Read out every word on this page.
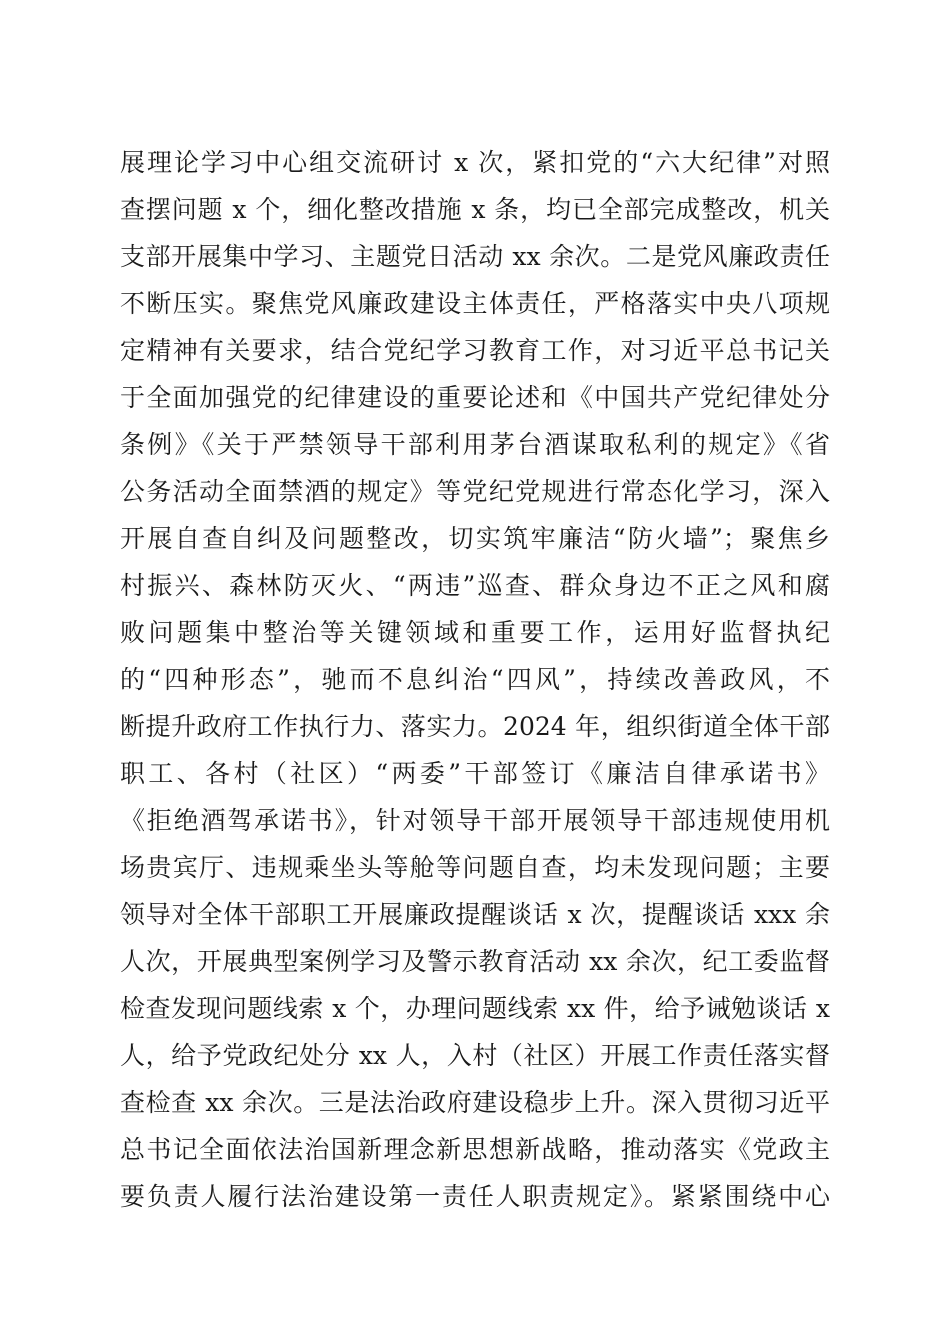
展理论学习中心组交流研讨 x 次，紧扣党的“六大纪律”对照
查摆问题 x 个，细化整改措施 x 条，均已全部完成整改，机关
支部开展集中学习、主题党日活动 xx 余次。二是党风廉政责任
不断压实。聚焦党风廉政建设主体责任，严格落实中央八项规
定精神有关要求，结合党纪学习教育工作，对习近平总书记关
于全面加强党的纪律建设的重要论述和《中国共产党纪律处分
条例》《关于严禁领导干部利用茅台酒谋取私利的规定》《省
公务活动全面禁酒的规定》等党纪党规进行常态化学习，深入
开展自查自纠及问题整改，切实筑牢廉洁“防火墙”；聚焦乡
村振兴、森林防灭火、“两违”巡查、群众身边不正之风和腐
败问题集中整治等关键领域和重要工作，运用好监督执纪
的“四种形态”，驰而不息纠治“四风”，持续改善政风，不
断提升政府工作执行力、落实力。2024 年，组织街道全体干部
职工、各村（社区）“两委”干部签订《廉洁自律承诺书》
《拒绝酒驾承诺书》，针对领导干部开展领导干部违规使用机
场贵宾厅、违规乘坐头等舱等问题自查，均未发现问题；主要
领导对全体干部职工开展廉政提醒谈话 x 次，提醒谈话 xxx 余
人次，开展典型案例学习及警示教育活动 xx 余次，纪工委监督
检查发现问题线索 x 个，办理问题线索 xx 件，给予诫勉谈话 x
人，给予党政纪处分 xx 人，入村（社区）开展工作责任落实督
查检查 xx 余次。三是法治政府建设稳步上升。深入贯彻习近平
总书记全面依法治国新理念新思想新战略，推动落实《党政主
要负责人履行法治建设第一责任人职责规定》。紧紧围绕中心
